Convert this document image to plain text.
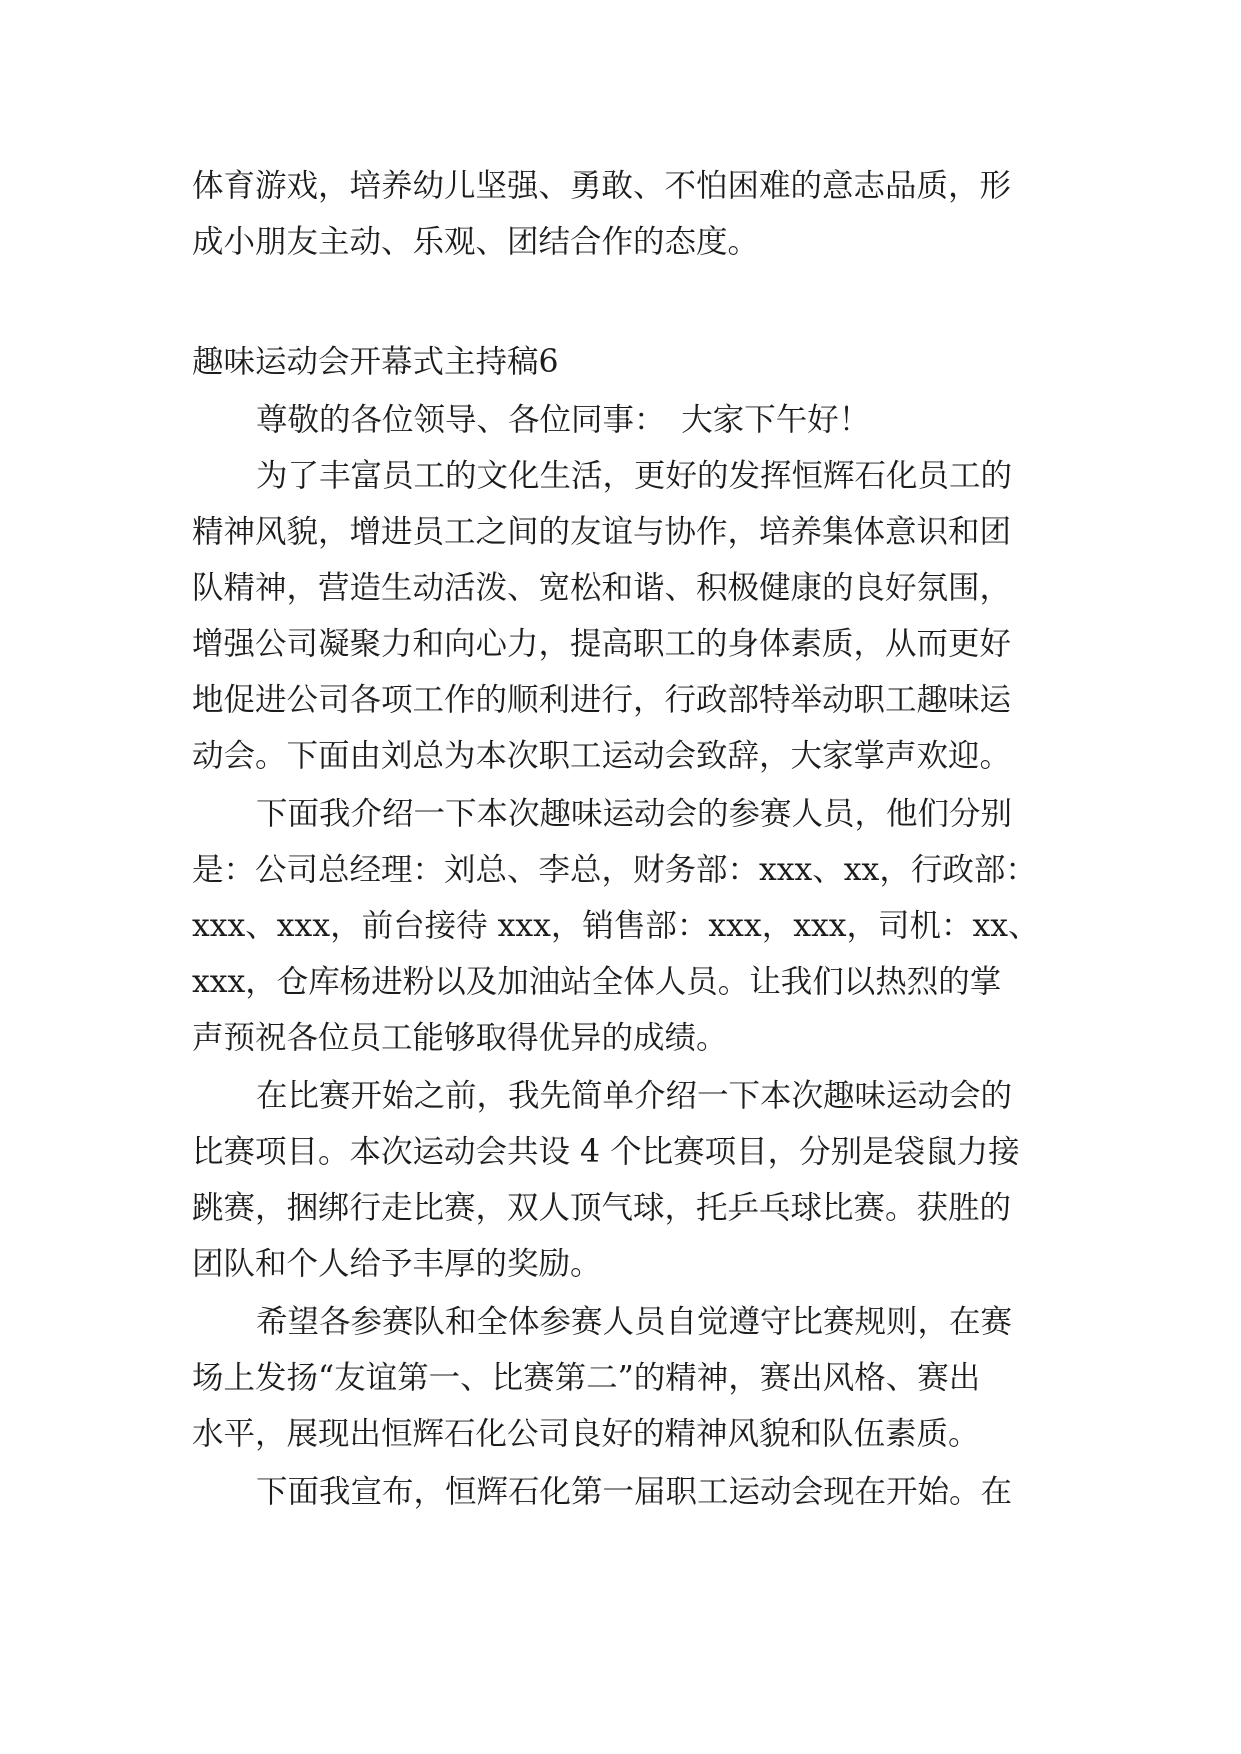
体育游戏，培养幼儿坚强、勇敢、不怕困难的意志品质，形
成小朋友主动、乐观、团结合作的态度。
趣味运动会开幕式主持稿6
尊敬的各位领导、各位同事：　大家下午好！
为了丰富员工的文化生活，更好的发挥恒辉石化员工的
精神风貌，增进员工之间的友谊与协作，培养集体意识和团
队精神，营造生动活泼、宽松和谐、积极健康的良好氛围，
增强公司凝聚力和向心力，提高职工的身体素质，从而更好
地促进公司各项工作的顺利进行，行政部特举动职工趣味运
动会。下面由刘总为本次职工运动会致辞，大家掌声欢迎。
下面我介绍一下本次趣味运动会的参赛人员，他们分别
是：公司总经理：刘总、李总，财务部：xxx、xx，行政部：
xxx、xxx，前台接待 xxx，销售部：xxx，xxx，司机：xx、
xxx，仓库杨进粉以及加油站全体人员。让我们以热烈的掌
声预祝各位员工能够取得优异的成绩。
在比赛开始之前，我先简单介绍一下本次趣味运动会的
比赛项目。本次运动会共设 4 个比赛项目，分别是袋鼠力接
跳赛，捆绑行走比赛，双人顶气球，托乒乓球比赛。获胜的
团队和个人给予丰厚的奖励。
希望各参赛队和全体参赛人员自觉遵守比赛规则，在赛
场上发扬“友谊第一、比赛第二”的精神，赛出风格、赛出
水平，展现出恒辉石化公司良好的精神风貌和队伍素质。
下面我宣布，恒辉石化第一届职工运动会现在开始。在
